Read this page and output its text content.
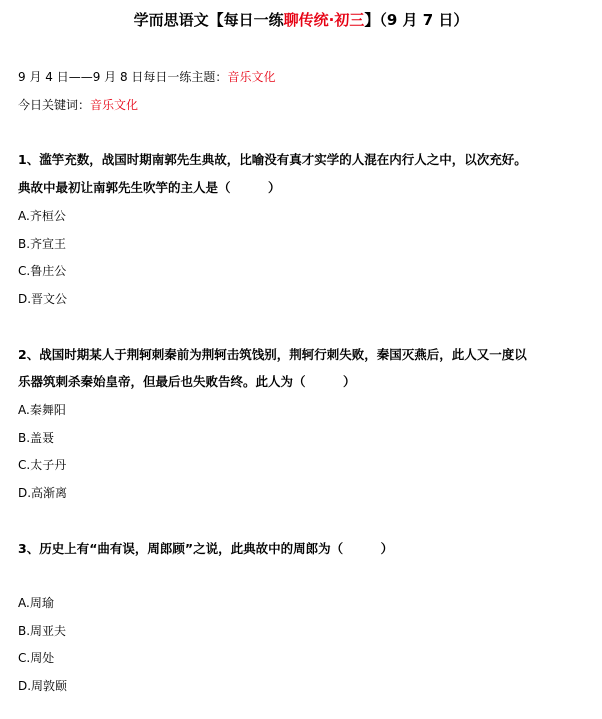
学而思语文【每日一练聊传统·初三】（9 月 7 日）
9 月 4 日——9 月 8 日每日一练主题：音乐文化
今日关键词：音乐文化
1、滥竽充数，战国时期南郭先生典故，比喻没有真才实学的人混在内行人之中，以次充好。
典故中最初让南郭先生吹竽的主人是（　　　）
A.齐桓公
B.齐宣王
C.鲁庄公
D.晋文公
2、战国时期某人于荆轲刺秦前为荆轲击筑饯别，荆轲行刺失败，秦国灭燕后，此人又一度以
乐器筑刺杀秦始皇帝，但最后也失败告终。此人为（　　　）
A.秦舞阳
B.盖聂
C.太子丹
D.高渐离
3、历史上有“曲有误，周郎顾”之说，此典故中的周郎为（　　　）
A.周瑜
B.周亚夫
C.周处
D.周敦颐
